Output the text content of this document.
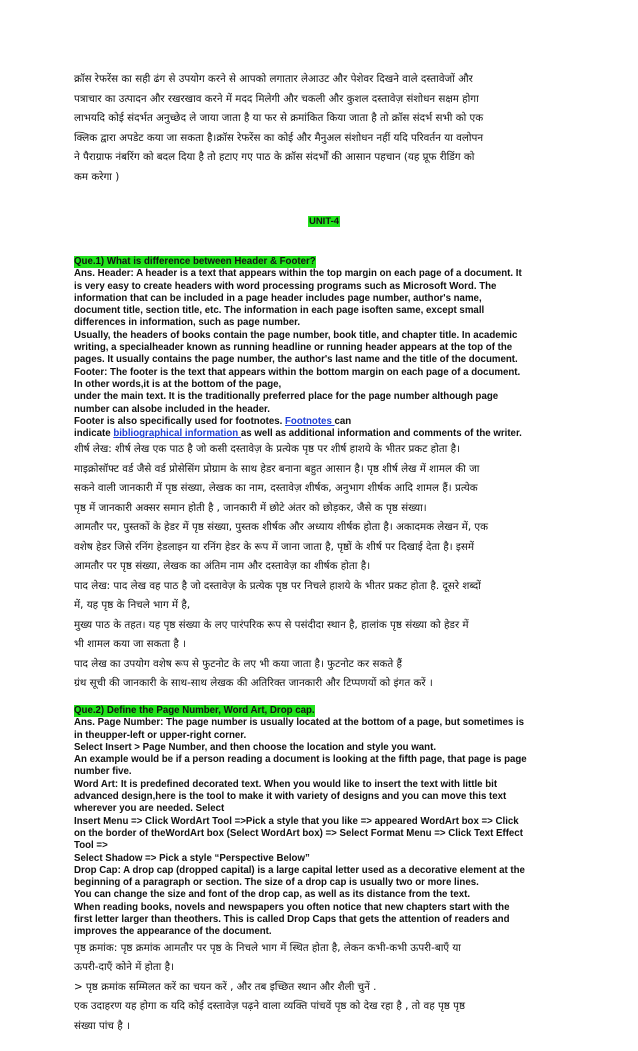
क्रॉस रेफरेंस का सही ढंग से उपयोग करने से आपको लगातार लेआउट और पेशेवर दिखने वाले दस्तावेजों और

पत्राचार का उत्पादन और रखरखाव करने में मदद मिलेगी और चकली और कुशल दस्तावेज़ संशोधन सक्षम होगा

लाभयदि कोई संदर्भत अनुच्छेद ले जाया जाता है या फर से क्रमांकित किया जाता है तो क्रॉस संदर्भ सभी को एक

क्लिक द्वारा अपडेट कया जा सकता है।क्रॉस रेफरेंस का कोई और मैनुअल संशोधन नहीं यदि परिवर्तन या वलोपन

ने पैराग्राफ नंबरिंग को बदल दिया है तो हटाए गए पाठ के क्रॉस संदर्भों की आसान पहचान (यह प्रूफ रीडिंग को

कम करेगा )

UNIT-4

Que.1) What is difference between Header & Footer?

Ans. Header: A header is a text that appears within the top margin on each page of a document. It

is very easy to create headers with word processing programs such as Microsoft Word. The

information that can be included in a page header includes page number, author's name,

document title, section title, etc. The information in each page isoften same, except small

differences in information, such as page number.

Usually, the headers of books contain the page number, book title, and chapter title. In academic

writing, a specialheader known as running headline or running header appears at the top of the

pages. It usually contains the page number, the author's last name and the title of the document.

Footer: The footer is the text that appears within the bottom margin on each page of a document.

In other words,it is at the bottom of the page,

under the main text. It is the traditionally preferred place for the page number although page

number can alsobe included in the header.

Footer is also specifically used for footnotes. Footnotes can

indicate bibliographical information as well as additional information and comments of the writer.

शीर्ष लेख: शीर्ष लेख एक पाठ है जो कसी दस्तावेज़ के प्रत्येक पृष्ठ पर शीर्ष हाशये के भीतर प्रकट होता है।

माइक्रोसॉफ्ट वर्ड जैसे वर्ड प्रोसेसिंग प्रोग्राम के साथ हेडर बनाना बहुत आसान है। पृष्ठ शीर्ष लेख में शामल की जा

सकने वाली जानकारी में पृष्ठ संख्या, लेखक का नाम, दस्तावेज़ शीर्षक, अनुभाग शीर्षक आदि शामल हैं। प्रत्येक

पृष्ठ में जानकारी अक्सर समान होती है , जानकारी में छोटे अंतर को छोड़कर, जैसे क पृष्ठ संख्या।

आमतौर पर, पुस्तकों के हेडर में पृष्ठ संख्या, पुस्तक शीर्षक और अध्याय शीर्षक होता है। अकादमक लेखन में, एक

वशेष हेडर जिसे रनिंग हेडलाइन या रनिंग हेडर के रूप में जाना जाता है, पृष्ठों के शीर्ष पर दिखाई देता है। इसमें

आमतौर पर पृष्ठ संख्या, लेखक का अंतिम नाम और दस्तावेज़ का शीर्षक होता है।

पाद लेख: पाद लेख वह पाठ है जो दस्तावेज़ के प्रत्येक पृष्ठ पर निचले हाशये के भीतर प्रकट होता है. दूसरे शब्दों

में, यह पृष्ठ के निचले भाग में है,

मुख्य पाठ के तहत। यह पृष्ठ संख्या के लए पारंपरिक रूप से पसंदीदा स्थान है, हालांक पृष्ठ संख्या को हेडर में

भी शामल कया जा सकता है ।

पाद लेख का उपयोग वशेष रूप से फुटनोट के लए भी कया जाता है। फुटनोट कर सकते हैं

ग्रंथ सूची की जानकारी के साथ-साथ लेखक की अतिरिक्त जानकारी और टिप्पणयों को इंगत करें ।

Que.2) Define the Page Number, Word Art, Drop cap.

Ans. Page Number: The page number is usually located at the bottom of a page, but sometimes is

in theupper-left or upper-right corner.

Select Insert > Page Number, and then choose the location and style you want.

An example would be if a person reading a document is looking at the fifth page, that page is page

number five.

Word Art: It is predefined decorated text. When you would like to insert the text with little bit

advanced design,here is the tool to make it with variety of designs and you can move this text

wherever you are needed. Select

Insert Menu => Click WordArt Tool =>Pick a style that you like => appeared WordArt box => Click

on the border of theWordArt box (Select WordArt box) => Select Format Menu => Click Text Effect

Tool =>

Select Shadow => Pick a style “Perspective Below”

Drop Cap: A drop cap (dropped capital) is a large capital letter used as a decorative element at the

beginning of a paragraph or section. The size of a drop cap is usually two or more lines.

You can change the size and font of the drop cap, as well as its distance from the text.

When reading books, novels and newspapers you often notice that new chapters start with the

first letter larger than theothers. This is called Drop Caps that gets the attention of readers and

improves the appearance of the document.

पृष्ठ क्रमांक: पृष्ठ क्रमांक आमतौर पर पृष्ठ के निचले भाग में स्थित होता है, लेकन कभी-कभी ऊपरी-बाएँ या

ऊपरी-दाएँ कोने में होता है।

> पृष्ठ क्रमांक सम्मिलत करें का चयन करें , और तब इच्छित स्थान और शैली चुनें .

एक उदाहरण यह होगा क यदि कोई दस्तावेज़ पढ़ने वाला व्यक्ति पांचवें पृष्ठ को देख रहा है , तो वह पृष्ठ पृष्ठ

संख्या पांच है ।
